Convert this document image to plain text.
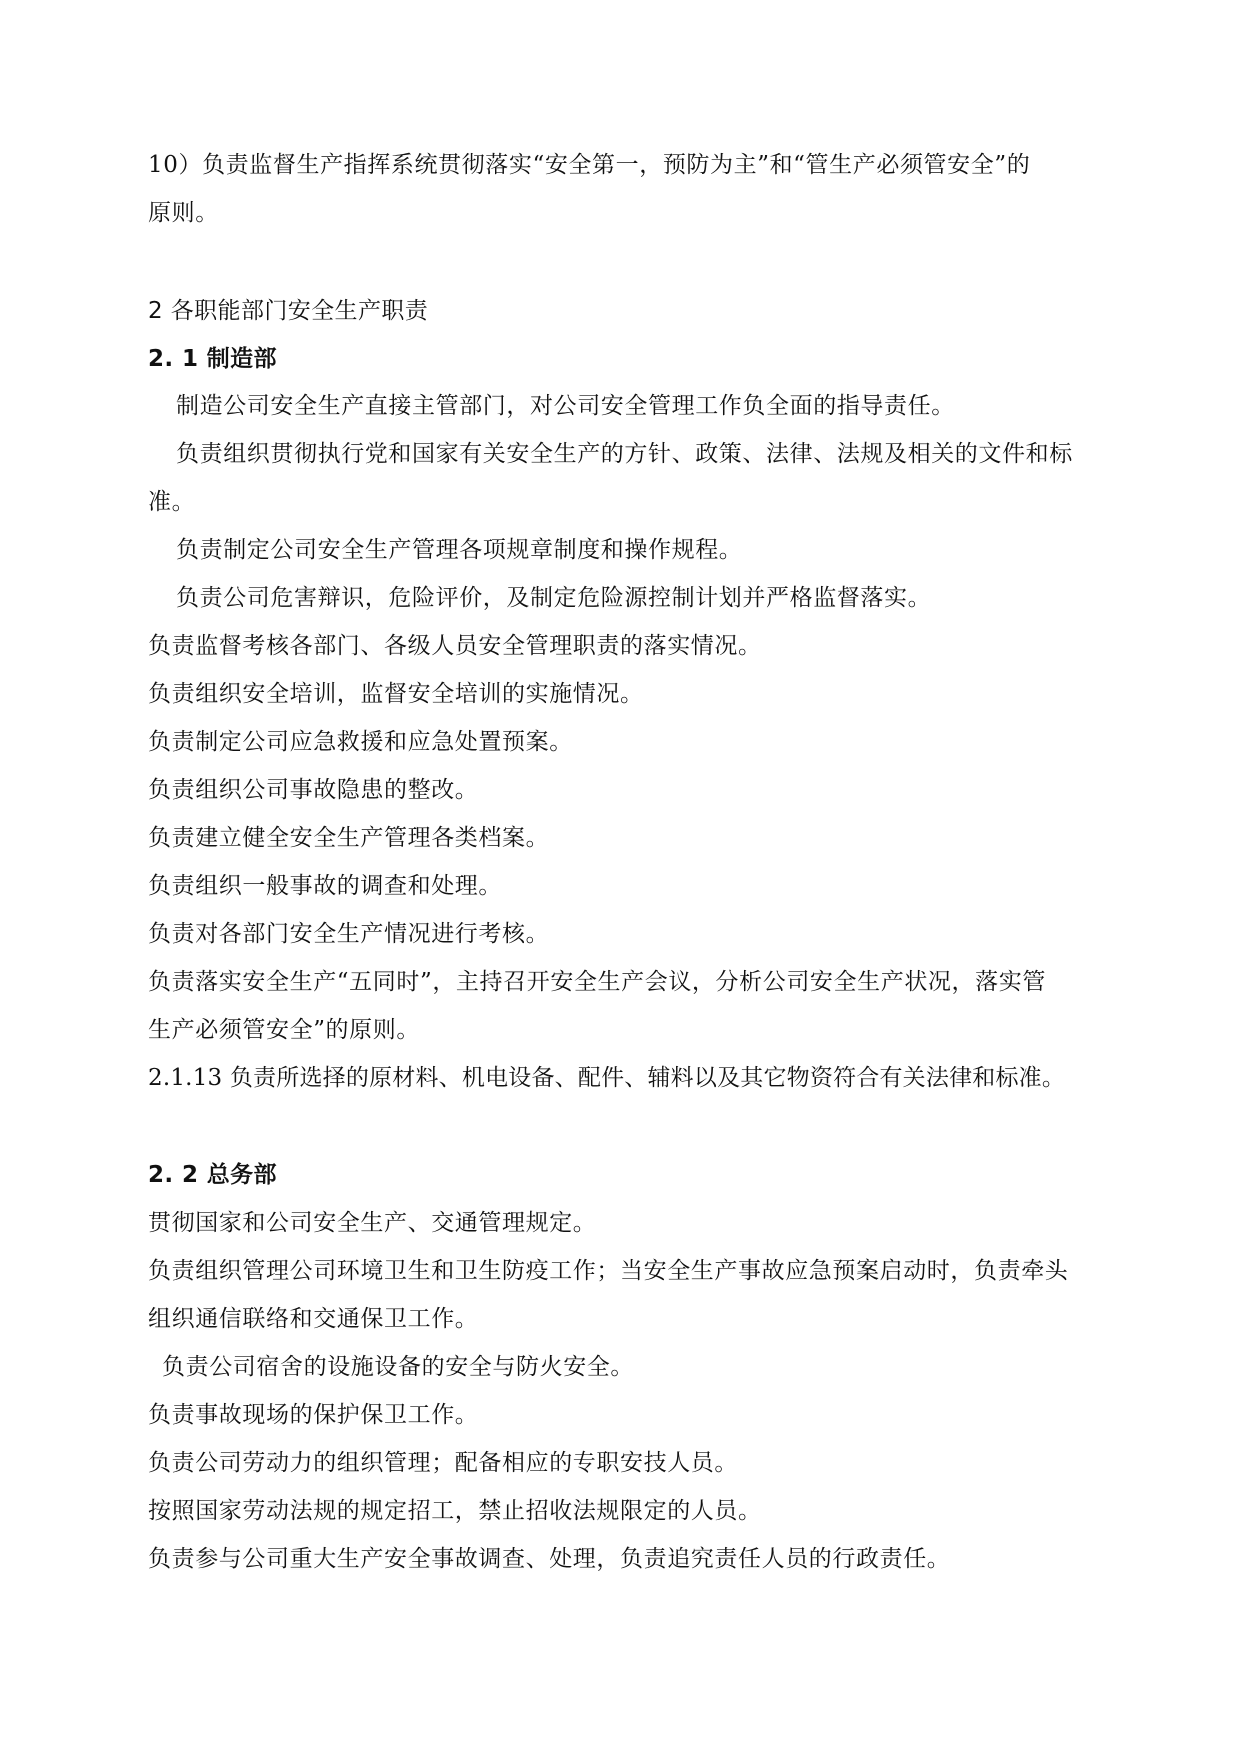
10）负责监督生产指挥系统贯彻落实“安全第一，预防为主”和“管生产必须管安全”的
原则。
2 各职能部门安全生产职责
2. 1 制造部
制造公司安全生产直接主管部门，对公司安全管理工作负全面的指导责任。
负责组织贯彻执行党和国家有关安全生产的方针、政策、法律、法规及相关的文件和标
准。
负责制定公司安全生产管理各项规章制度和操作规程。
负责公司危害辩识，危险评价，及制定危险源控制计划并严格监督落实。
负责监督考核各部门、各级人员安全管理职责的落实情况。
负责组织安全培训，监督安全培训的实施情况。
负责制定公司应急救援和应急处置预案。
负责组织公司事故隐患的整改。
负责建立健全安全生产管理各类档案。
负责组织一般事故的调查和处理。
负责对各部门安全生产情况进行考核。
负责落实安全生产“五同时”，主持召开安全生产会议，分析公司安全生产状况，落实管
生产必须管安全”的原则。
2.1.13 负责所选择的原材料、机电设备、配件、辅料以及其它物资符合有关法律和标准。
2. 2 总务部
贯彻国家和公司安全生产、交通管理规定。
负责组织管理公司环境卫生和卫生防疫工作；当安全生产事故应急预案启动时，负责牵头
组织通信联络和交通保卫工作。
负责公司宿舍的设施设备的安全与防火安全。
负责事故现场的保护保卫工作。
负责公司劳动力的组织管理；配备相应的专职安技人员。
按照国家劳动法规的规定招工，禁止招收法规限定的人员。
负责参与公司重大生产安全事故调查、处理，负责追究责任人员的行政责任。
